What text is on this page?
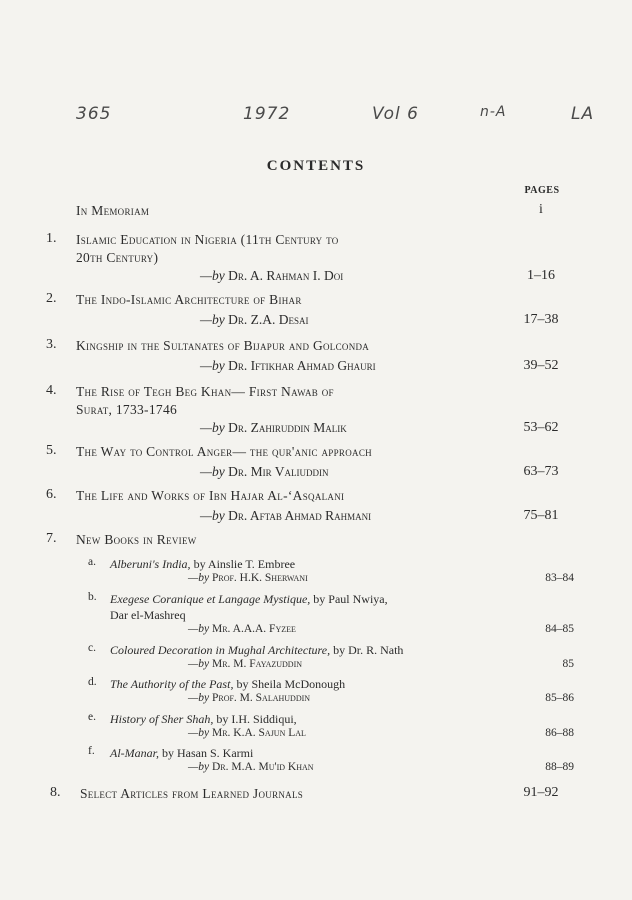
365	1972	Vol 6	n-A	LA
CONTENTS
PAGES
In Memoriam	i
1. Islamic Education in Nigeria (11th Century to
20th Century)
—by Dr. A. Rahman I. Doi	1–16
2. The Indo-Islamic Architecture of Bihar
—by Dr. Z.A. Desai	17–38
3. Kingship in the Sultanates of Bijapur and Golconda
—by Dr. Iftikhar Ahmad Ghauri	39–52
4. The Rise of Tegh Beg Khan— First Nawab of
Surat, 1733-1746
—by Dr. Zahiruddin Malik	53–62
5. The Way to Control Anger— the qur'anic approach
—by Dr. Mir Valiuddin	63–73
6. The Life and Works of Ibn Hajar Al-‘Asqalani
—by Dr. Aftab Ahmad Rahmani	75–81
7. New Books in Review
a. Alberuni's India, by Ainslie T. Embree
—by Prof. H.K. Sherwani	83–84
b. Exegese Coranique et Langage Mystique, by Paul Nwiya,
Dar el-Mashreq
—by Mr. A.A.A. Fyzee	84–85
c. Coloured Decoration in Mughal Architecture, by Dr. R. Nath
—by Mr. M. Fayazuddin	85
d. The Authority of the Past, by Sheila McDonough
—by Prof. M. Salahuddin	85–86
e. History of Sher Shah, by I.H. Siddiqui,
—by Mr. K.A. Sajun Lal	86–88
f. Al-Manar, by Hasan S. Karmi
—by Dr. M.A. Mu'id Khan	88–89
8. Select Articles from Learned Journals	91–92
